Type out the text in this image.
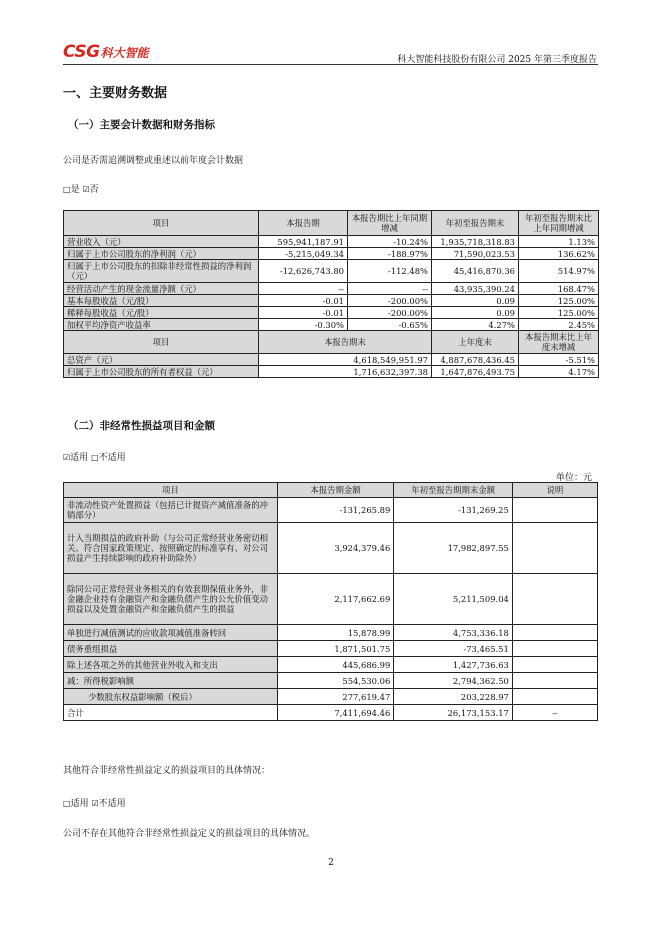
CSG 科大智能
科大智能科技股份有限公司 2025 年第三季度报告
一、主要财务数据
（一）主要会计数据和财务指标
公司是否需追溯调整或重述以前年度会计数据
□是 ☑否
项目	本报告期	本报告期比上年同期增减	年初至报告期末	年初至报告期末比上年同期增减
营业收入（元）	595,941,187.91	-10.24%	1,935,718,318.83	1.13%
归属于上市公司股东的净利润（元）	-5,215,049.34	-188.97%	71,590,023.53	136.62%
归属于上市公司股东的扣除非经常性损益的净利润（元）	-12,626,743.80	-112.48%	45,416,870.36	514.97%
经营活动产生的现金流量净额（元）	--	--	43,935,390.24	168.47%
基本每股收益（元/股）	-0.01	-200.00%	0.09	125.00%
稀释每股收益（元/股）	-0.01	-200.00%	0.09	125.00%
加权平均净资产收益率	-0.30%	-0.65%	4.27%	2.45%
项目	本报告期末		上年度末	本报告期末比上年度末增减
总资产（元）	4,618,549,951.97		4,887,678,436.45	-5.51%
归属于上市公司股东的所有者权益（元）	1,716,632,397.38		1,647,876,493.75	4.17%
（二）非经常性损益项目和金额
☑适用 □不适用
单位：元
项目	本报告期金额	年初至报告期期末金额	说明
非流动性资产处置损益（包括已计提资产减值准备的冲销部分）	-131,265.89	-131,269.25	
计入当期损益的政府补助（与公司正常经营业务密切相关、符合国家政策规定、按照确定的标准享有、对公司损益产生持续影响的政府补助除外）	3,924,379.46	17,982,897.55	
除同公司正常经营业务相关的有效套期保值业务外，非金融企业持有金融资产和金融负债产生的公允价值变动损益以及处置金融资产和金融负债产生的损益	2,117,662.69	5,211,509.04	
单独进行减值测试的应收款项减值准备转回	15,878.99	4,753,336.18	
债务重组损益	1,871,501.75	-73,465.51	
除上述各项之外的其他营业外收入和支出	445,686.99	1,427,736.63	
减：所得税影响额	554,530.06	2,794,362.50	
少数股东权益影响额（税后）	277,619.47	203,228.97	
合计	7,411,694.46	26,173,153.17	--
其他符合非经常性损益定义的损益项目的具体情况：
□适用 ☑不适用
公司不存在其他符合非经常性损益定义的损益项目的具体情况。
2
